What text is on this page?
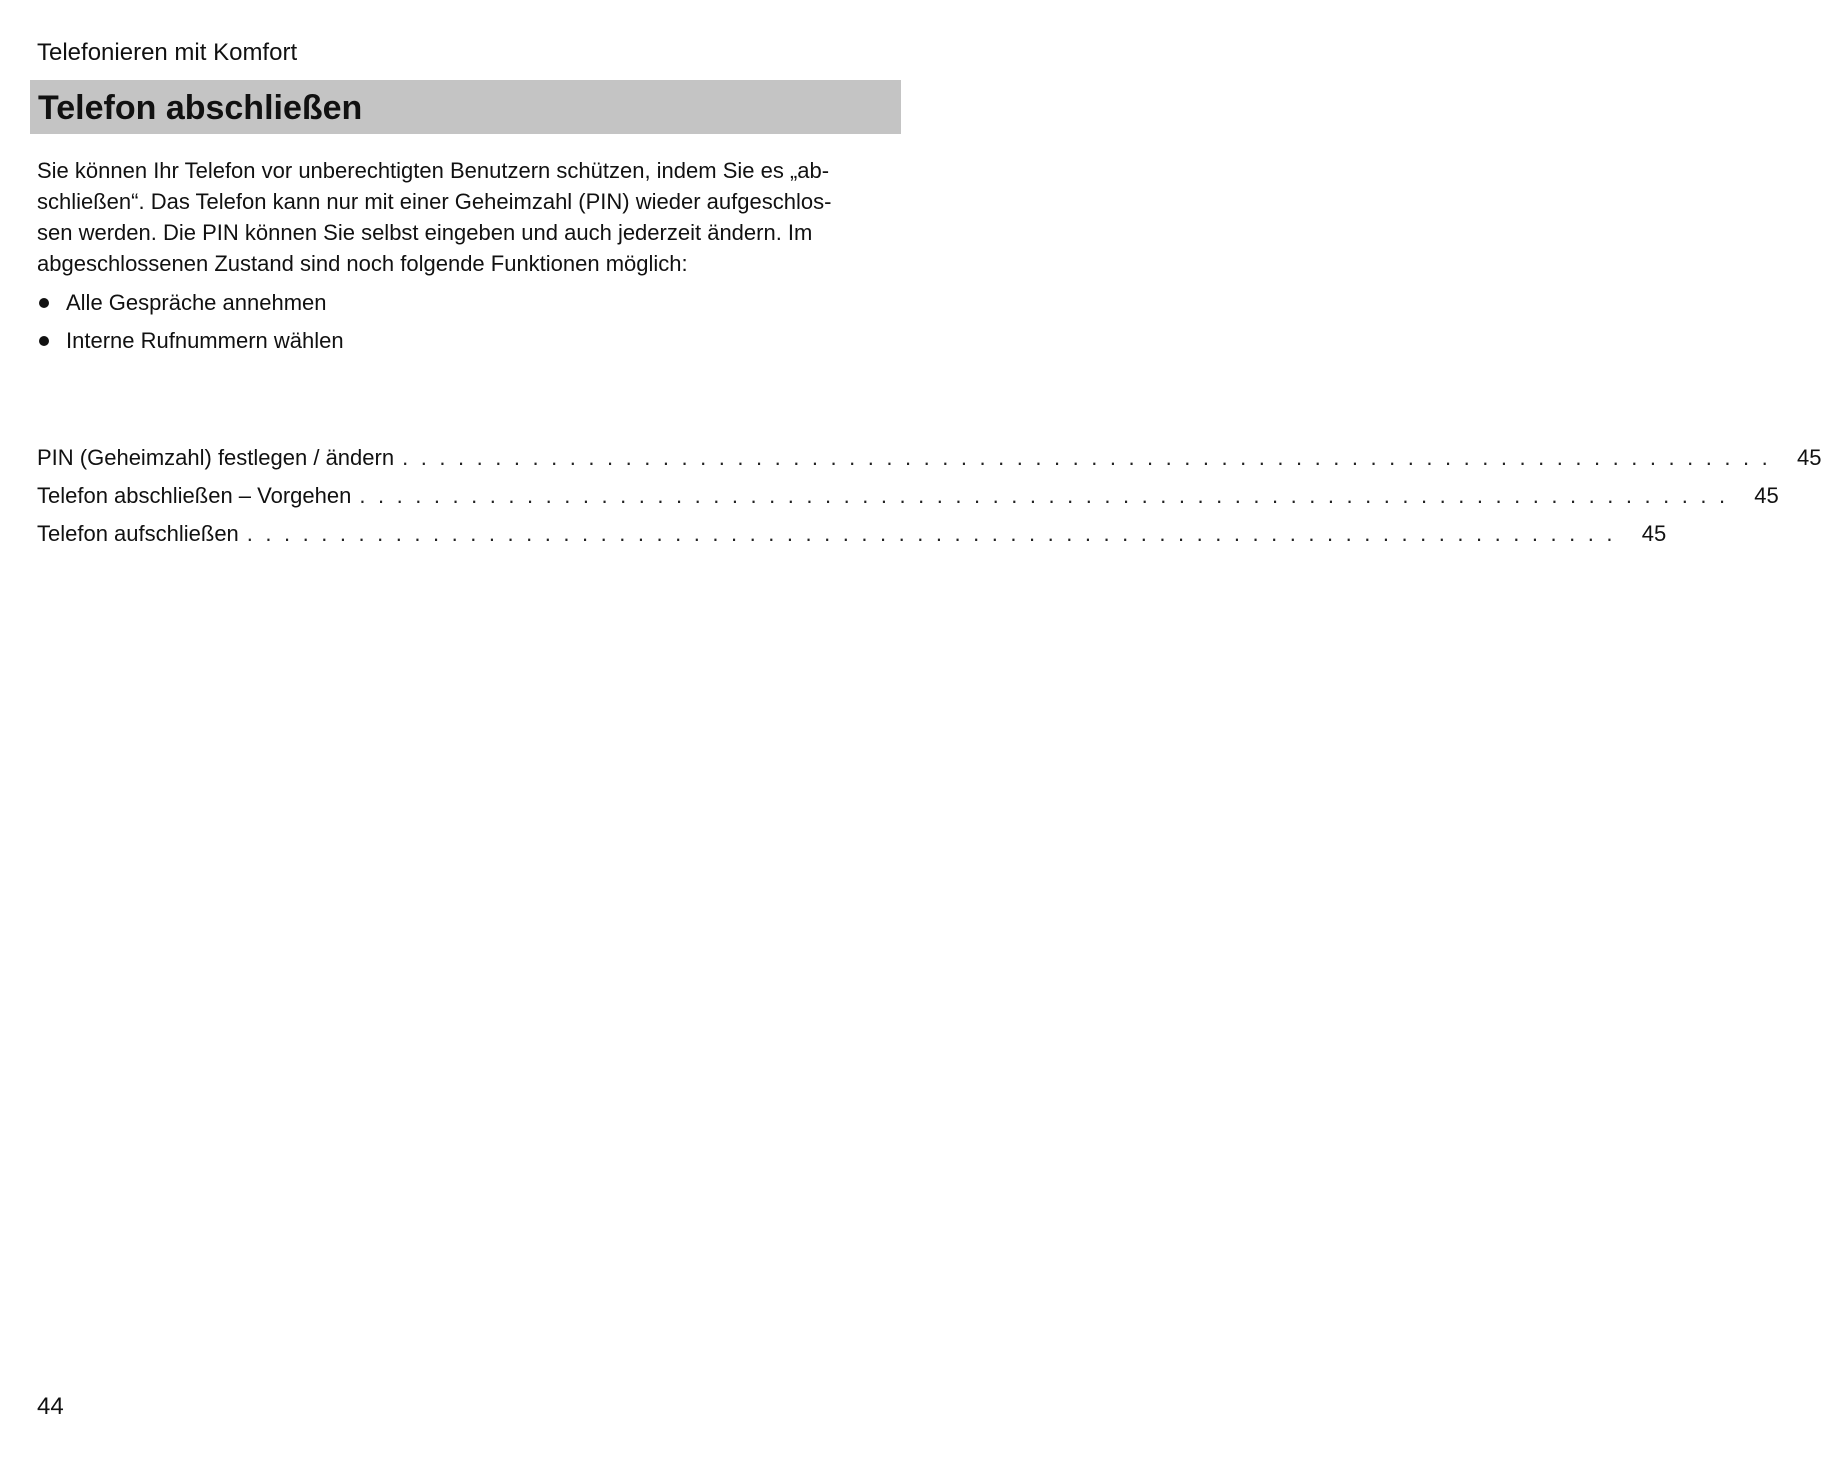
Telefonieren mit Komfort
Telefon abschließen

Sie können Ihr Telefon vor unberechtigten Benutzern schützen, indem Sie es „ab-
schließen“. Das Telefon kann nur mit einer Geheimzahl (PIN) wieder aufgeschlos-
sen werden. Die PIN können Sie selbst eingeben und auch jederzeit ändern. Im
abgeschlossenen Zustand sind noch folgende Funktionen möglich:

Alle Gespräche annehmen
Interne Rufnummern wählen
PIN (Geheimzahl) festlegen / ändern . . . . . . . . . . . . . . . . . . . . . . . . . . . . . . . . . . . . . . . . . . . . . . . . . . . . . . . . . . . . . . . . . . . . . . . . . . 45
Telefon abschließen – Vorgehen . . . . . . . . . . . . . . . . . . . . . . . . . . . . . . . . . . . . . . . . . . . . . . . . . . . . . . . . . . . . . . . . . . . . . . . . . . 45
Telefon aufschließen . . . . . . . . . . . . . . . . . . . . . . . . . . . . . . . . . . . . . . . . . . . . . . . . . . . . . . . . . . . . . . . . . . . . . . . . . . 45
44
